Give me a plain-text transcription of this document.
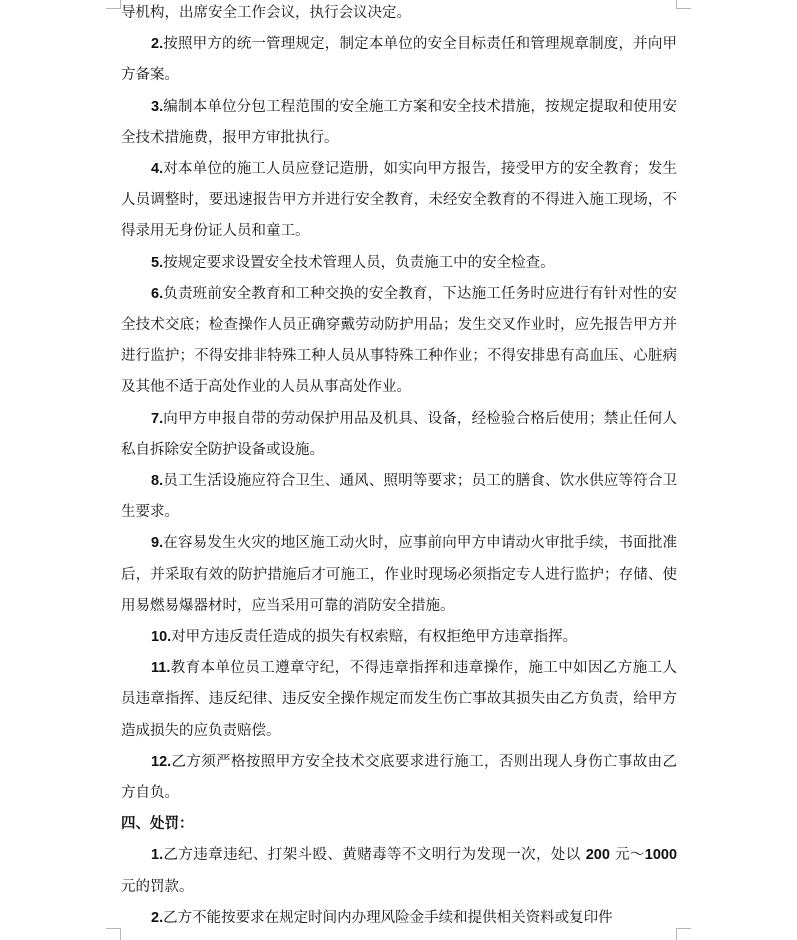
导机构，出席安全工作会议，执行会议决定。

2.按照甲方的统一管理规定，制定本单位的安全目标责任和管理规章制度，并向甲方备案。

3.编制本单位分包工程范围的安全施工方案和安全技术措施，按规定提取和使用安全技术措施费，报甲方审批执行。

4.对本单位的施工人员应登记造册，如实向甲方报告，接受甲方的安全教育；发生人员调整时，要迅速报告甲方并进行安全教育，未经安全教育的不得进入施工现场，不得录用无身份证人员和童工。

5.按规定要求设置安全技术管理人员，负责施工中的安全检查。

6.负责班前安全教育和工种交换的安全教育，下达施工任务时应进行有针对性的安全技术交底；检查操作人员正确穿戴劳动防护用品；发生交叉作业时，应先报告甲方并进行监护；不得安排非特殊工种人员从事特殊工种作业；不得安排患有高血压、心脏病及其他不适于高处作业的人员从事高处作业。

7.向甲方申报自带的劳动保护用品及机具、设备，经检验合格后使用；禁止任何人私自拆除安全防护设备或设施。

8.员工生活设施应符合卫生、通风、照明等要求；员工的膳食、饮水供应等符合卫生要求。

9.在容易发生火灾的地区施工动火时，应事前向甲方申请动火审批手续，书面批准后，并采取有效的防护措施后才可施工，作业时现场必须指定专人进行监护；存储、使用易燃易爆器材时，应当采用可靠的消防安全措施。

10.对甲方违反责任造成的损失有权索赔，有权拒绝甲方违章指挥。

11.教育本单位员工遵章守纪，不得违章指挥和违章操作，施工中如因乙方施工人员违章指挥、违反纪律、违反安全操作规定而发生伤亡事故其损失由乙方负责，给甲方造成损失的应负责赔偿。

12.乙方须严格按照甲方安全技术交底要求进行施工，否则出现人身伤亡事故由乙方自负。

四、处罚：

1.乙方违章违纪、打架斗殴、黄赌毒等不文明行为发现一次，处以 200 元～1000 元的罚款。

2.乙方不能按要求在规定时间内办理风险金手续和提供相关资料或复印件
